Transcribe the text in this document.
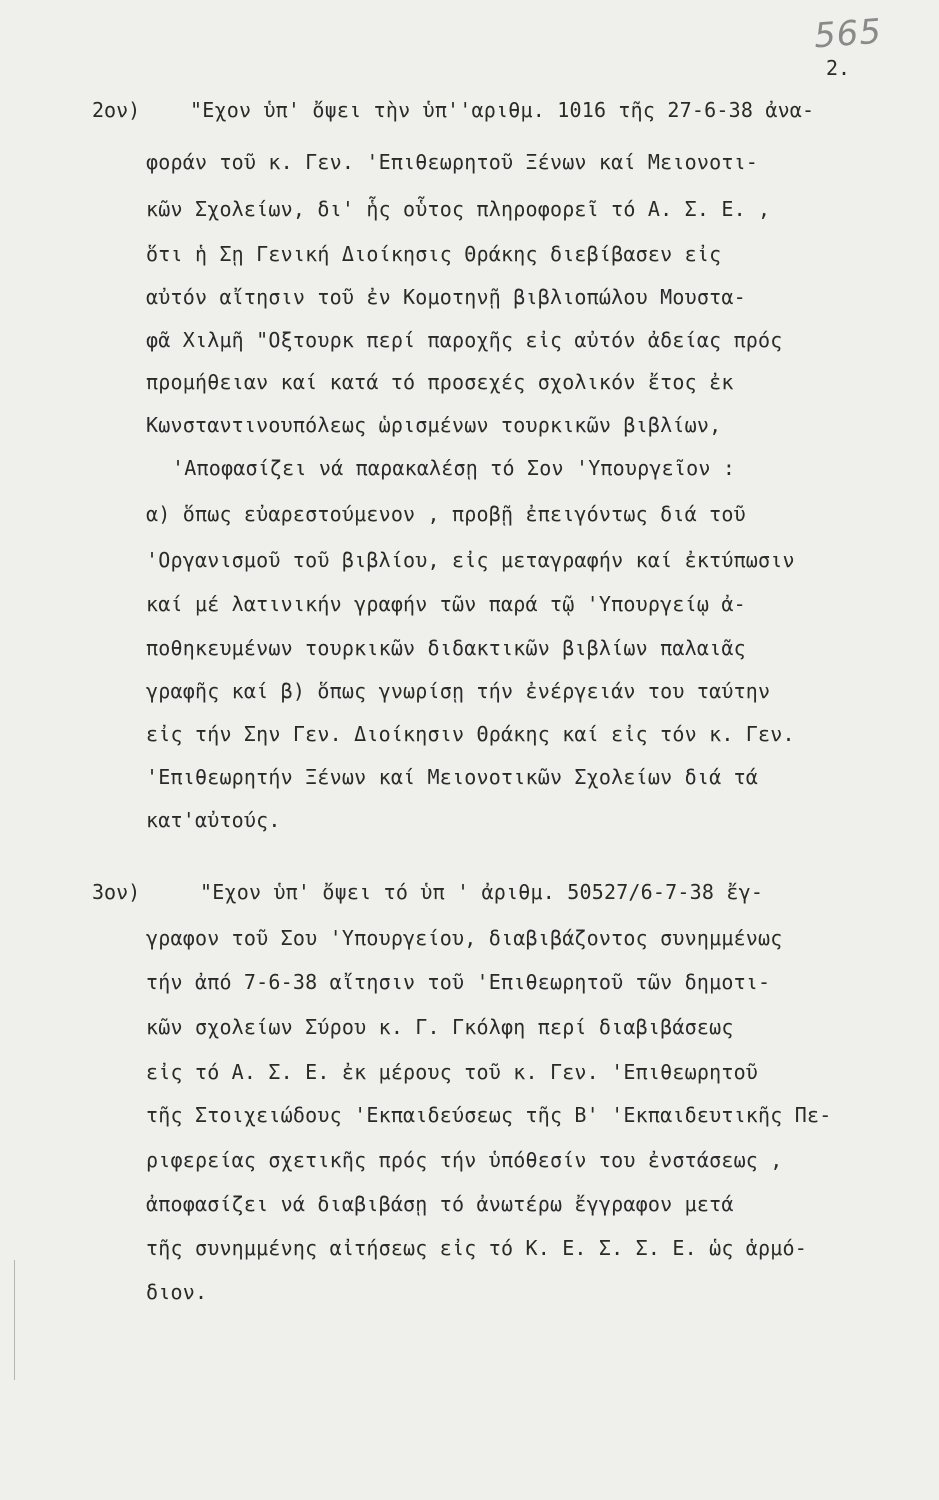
565
2.
2ον) "Εχον ὑπ' ὄψει τὴν ὑπ''αριθμ. 1016 τῆς 27-6-38 ἀνα-
φοράν τοῦ κ. Γεν. 'Επιθεωρητοῦ Ξένων καί Μειονοτι-
κῶν Σχολείων, δι' ἧς οὗτος πληροφορεῖ τό Α. Σ. Ε. ,
ὅτι ἡ Σῃ Γενική Διοίκησις Θράκης διεβίβασεν εἰς
αὐτόν αἴτησιν τοῦ ἐν Κομοτηνῇ βιβλιοπώλου Μουστα-
φᾶ Χιλμῆ "Οξτουρκ περί παροχῆς εἰς αὐτόν ἀδείας πρός
προμήθειαν καί κατά τό προσεχές σχολικόν ἔτος ἐκ
Κωνσταντινουπόλεως ὡρισμένων τουρκικῶν βιβλίων,
'Αποφασίζει νά παρακαλέσῃ τό Σον 'Υπουργεῖον :
α) ὅπως εὐαρεστούμενον , προβῇ ἐπειγόντως διά τοῦ
'Οργανισμοῦ τοῦ βιβλίου, εἰς μεταγραφήν καί ἐκτύπωσιν
καί μέ λατινικήν γραφήν τῶν παρά τῷ 'Υπουργείῳ ἀ-
ποθηκευμένων τουρκικῶν διδακτικῶν βιβλίων παλαιᾶς
γραφῆς καί β) ὅπως γνωρίσῃ τήν ἐνέργειάν του ταύτην
εἰς τήν Σην Γεν. Διοίκησιν Θράκης καί εἰς τόν κ. Γεν.
'Επιθεωρητήν Ξένων καί Μειονοτικῶν Σχολείων διά τά
κατ'αὐτούς.
3ον)	"Εχον ὑπ' ὄψει τό ὑπ ' ἀριθμ. 50527/6-7-38 ἔγ-
γραφον τοῦ Σου 'Υπουργείου, διαβιβάζοντος συνημμένως
τήν ἀπό 7-6-38 αἴτησιν τοῦ 'Επιθεωρητοῦ τῶν δημοτι-
κῶν σχολείων Σύρου κ. Γ. Γκόλφη περί διαβιβάσεως
εἰς τό Α. Σ. Ε. ἐκ μέρους τοῦ κ. Γεν. 'Επιθεωρητοῦ
τῆς Στοιχειώδους 'Εκπαιδεύσεως τῆς Β' 'Εκπαιδευτικῆς Πε-
ριφερείας σχετικῆς πρός τήν ὑπόθεσίν του ἐνστάσεως ,
ἀποφασίζει νά διαβιβάσῃ τό ἀνωτέρω ἔγγραφον μετά
τῆς συνημμένης αἰτήσεως εἰς τό Κ. Ε. Σ. Σ. Ε. ὡς ἁρμό-
διον.
